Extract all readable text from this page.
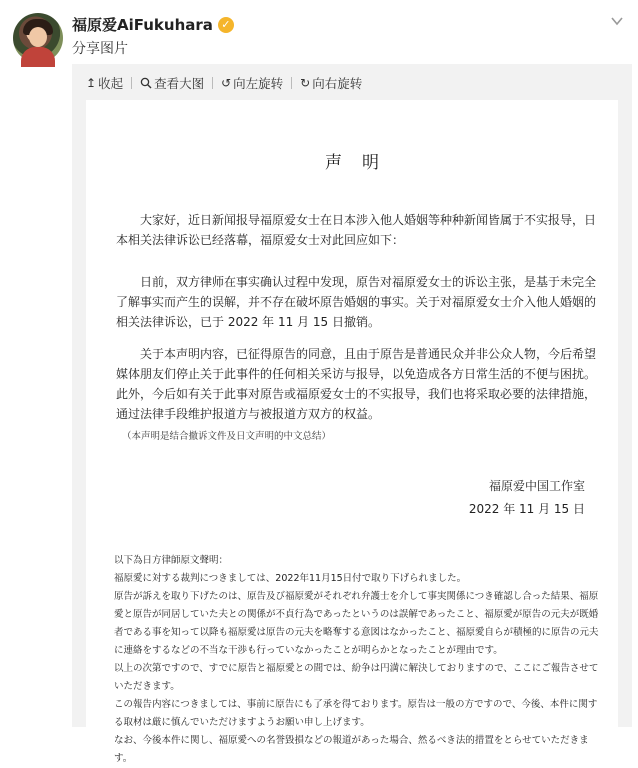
福原爱AiFukuhara ✓
分享图片
↥ 收起 查看大图 ↺ 向左旋转 ↻ 向右旋转
声明
大家好，近日新闻报导福原爱女士在日本涉入他人婚姻等种种新闻皆属于不实报导，日本相关法律诉讼已经落幕，福原爱女士对此回应如下：
日前，双方律师在事实确认过程中发现，原告对福原爱女士的诉讼主张，是基于未完全了解事实而产生的误解，并不存在破坏原告婚姻的事实。关于对福原爱女士介入他人婚姻的相关法律诉讼，已于 2022 年 11 月 15 日撤销。
关于本声明内容，已征得原告的同意，且由于原告是普通民众并非公众人物，今后希望媒体朋友们停止关于此事件的任何相关采访与报导，以免造成各方日常生活的不便与困扰。此外，今后如有关于此事对原告或福原爱女士的不实报导，我们也将采取必要的法律措施，通过法律手段维护报道方与被报道方双方的权益。
（本声明是结合撤诉文件及日文声明的中文总结）
福原爱中国工作室
2022 年 11 月 15 日

以下為日方律師原文聲明：

福原愛に対する裁判につきましては、2022年11月15日付で取り下げられました。

原告が訴えを取り下げたのは、原告及び福原愛がそれぞれ弁護士を介して事実関係につき確認し合った結果、福原愛と原告が同居していた夫との関係が不貞行為であったというのは誤解であったこと、福原愛が原告の元夫が既婚者である事を知って以降も福原愛は原告の元夫を略奪する意図はなかったこと、福原愛自らが積極的に原告の元夫に連絡をするなどの不当な干渉も行っていなかったことが明らかとなったことが理由です。

以上の次第ですので、すでに原告と福原愛との間では、紛争は円満に解決しておりますので、ここにご報告させていただきます。

この報告内容につきましては、事前に原告にも了承を得ております。原告は一般の方ですので、今後、本件に関する取材は厳に慎んでいただけますようお願い申し上げます。

なお、今後本件に関し、福原愛への名誉毀損などの報道があった場合、然るべき法的措置をとらせていただきます。
